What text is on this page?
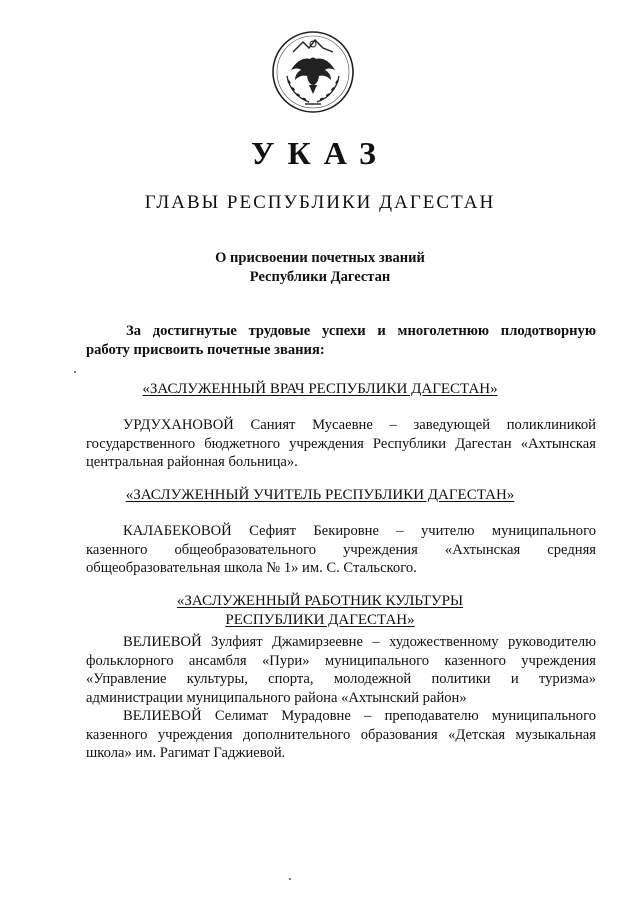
УКАЗ
ГЛАВЫ РЕСПУБЛИКИ ДАГЕСТАН
О присвоении почетных званий
Республики Дагестан
За достигнутые трудовые успехи и многолетнюю плодотворную
работу присвоить почетные звания:
«ЗАСЛУЖЕННЫЙ ВРАЧ РЕСПУБЛИКИ ДАГЕСТАН»
УРДУХАНОВОЙ Саният Мусаевне – заведующей поликлиникой
государственного бюджетного учреждения Республики Дагестан «Ахтынская
центральная районная больница».
«ЗАСЛУЖЕННЫЙ УЧИТЕЛЬ РЕСПУБЛИКИ ДАГЕСТАН»
КАЛАБЕКОВОЙ Сефият Бекировне – учителю муниципального
казенного общеобразовательного учреждения «Ахтынская средняя
общеобразовательная школа № 1» им. С. Стальского.
«ЗАСЛУЖЕННЫЙ РАБОТНИК КУЛЬТУРЫ
РЕСПУБЛИКИ ДАГЕСТАН»
ВЕЛИЕВОЙ Зулфият Джамирзеевне – художественному руководителю
фольклорного ансамбля «Пури» муниципального казенного учреждения
«Управление культуры, спорта, молодежной политики и туризма»
администрации муниципального района «Ахтынский район»
ВЕЛИЕВОЙ Селимат Мурадовне – преподавателю муниципального
казенного учреждения дополнительного образования «Детская музыкальная
школа» им. Рагимат Гаджиевой.
